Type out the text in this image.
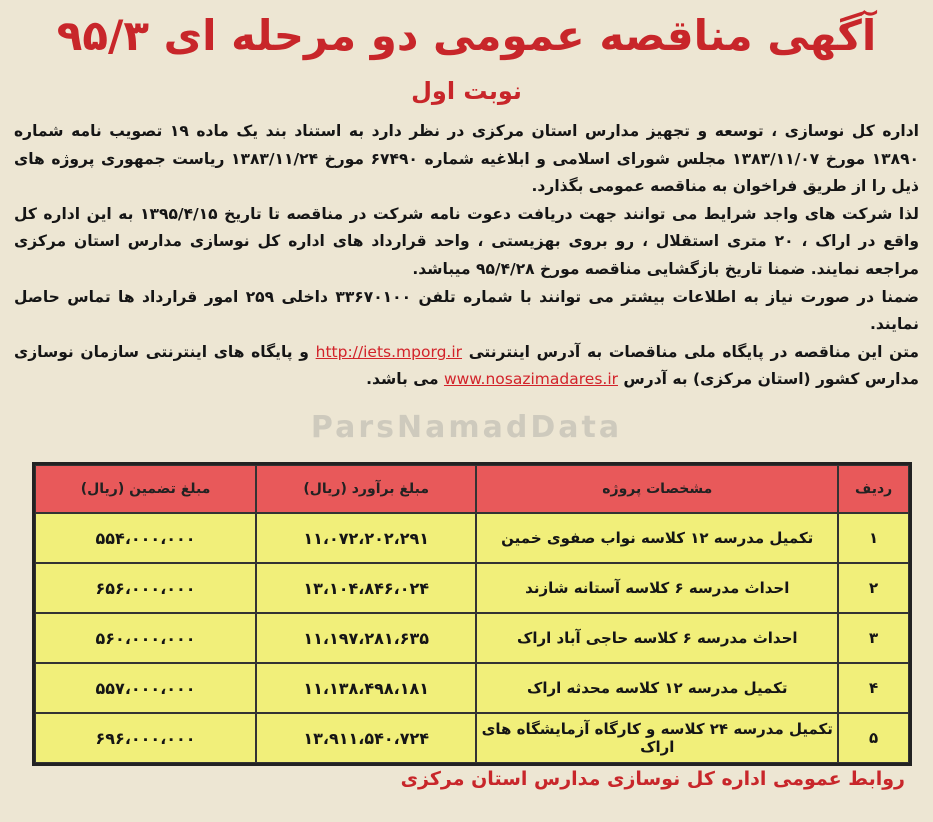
آگهی مناقصه عمومی دو مرحله ای ۹۵/۳
نوبت اول

اداره کل نوسازی ، توسعه و تجهیز مدارس استان مرکزی در نظر دارد به استناد بند یک ماده ۱۹ تصویب نامه شماره ۱۳۸۹۰ مورخ ۱۳۸۳/۱۱/۰۷ مجلس شورای اسلامی و ابلاغیه شماره ۶۷۴۹۰ مورخ ۱۳۸۳/۱۱/۲۴ ریاست جمهوری پروژه های ذیل را از طریق فراخوان به مناقصه عمومی بگذارد.

لذا شرکت های واجد شرایط می توانند جهت دریافت دعوت نامه شرکت در مناقصه تا تاریخ ۱۳۹۵/۴/۱۵ به این اداره کل واقع در اراک ، ۲۰ متری استقلال ، رو بروی بهزیستی ، واحد قرارداد های اداره کل نوسازی مدارس استان مرکزی مراجعه نمایند. ضمنا تاریخ بازگشایی مناقصه مورخ ۹۵/۴/۲۸ میباشد.

ضمنا در صورت نیاز به اطلاعات بیشتر می توانند با شماره تلفن ۳۳۶۷۰۱۰۰ داخلی ۲۵۹ امور قرارداد ها تماس حاصل نمایند.

متن این مناقصه در پایگاه ملی مناقصات به آدرس اینترنتی http://iets.mporg.ir و پایگاه های اینترنتی سازمان نوسازی مدارس کشور (استان مرکزی) به آدرس www.nosazimadares.ir می باشد.

ParsNamadData
ردیف	مشخصات پروژه	مبلغ برآورد (ریال)	مبلغ تضمین (ریال)
۱	تکمیل مدرسه ۱۲ کلاسه نواب صفوی خمین	۱۱،۰۷۲،۲۰۲،۲۹۱	۵۵۴،۰۰۰،۰۰۰
۲	احداث مدرسه ۶ کلاسه آستانه شازند	۱۳،۱۰۴،۸۴۶،۰۲۴	۶۵۶،۰۰۰،۰۰۰
۳	احداث مدرسه ۶ کلاسه حاجی آباد اراک	۱۱،۱۹۷،۲۸۱،۶۳۵	۵۶۰،۰۰۰،۰۰۰
۴	تکمیل مدرسه ۱۲ کلاسه محدثه اراک	۱۱،۱۳۸،۴۹۸،۱۸۱	۵۵۷،۰۰۰،۰۰۰
۵	تکمیل مدرسه ۲۴ کلاسه و کارگاه آزمایشگاه های اراک	۱۳،۹۱۱،۵۴۰،۷۲۴	۶۹۶،۰۰۰،۰۰۰
روابط عمومی اداره کل نوسازی مدارس استان مرکزی
